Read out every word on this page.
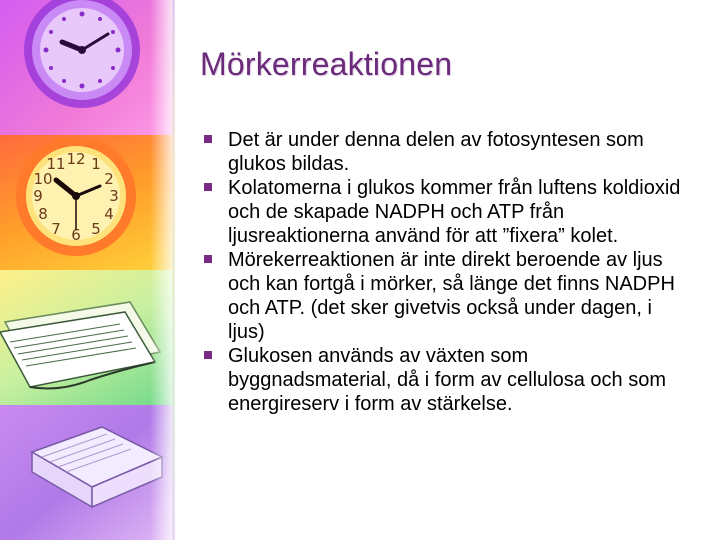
12 1
2
3
4
5
6
7
8
9
10
11
Mörkerreaktionen
Det är under denna delen av fotosyntesen som glukos bildas.
Kolatomerna i glukos kommer från luftens koldioxid och de skapade NADPH och ATP från ljusreaktionerna använd för att ”fixera” kolet.
Mörekerreaktionen är inte direkt beroende av ljus och kan fortgå i mörker, så länge det finns NADPH och ATP. (det sker givetvis också under dagen, i ljus)
Glukosen används av växten som byggnadsmaterial, då i form av cellulosa och som energireserv i form av stärkelse.
